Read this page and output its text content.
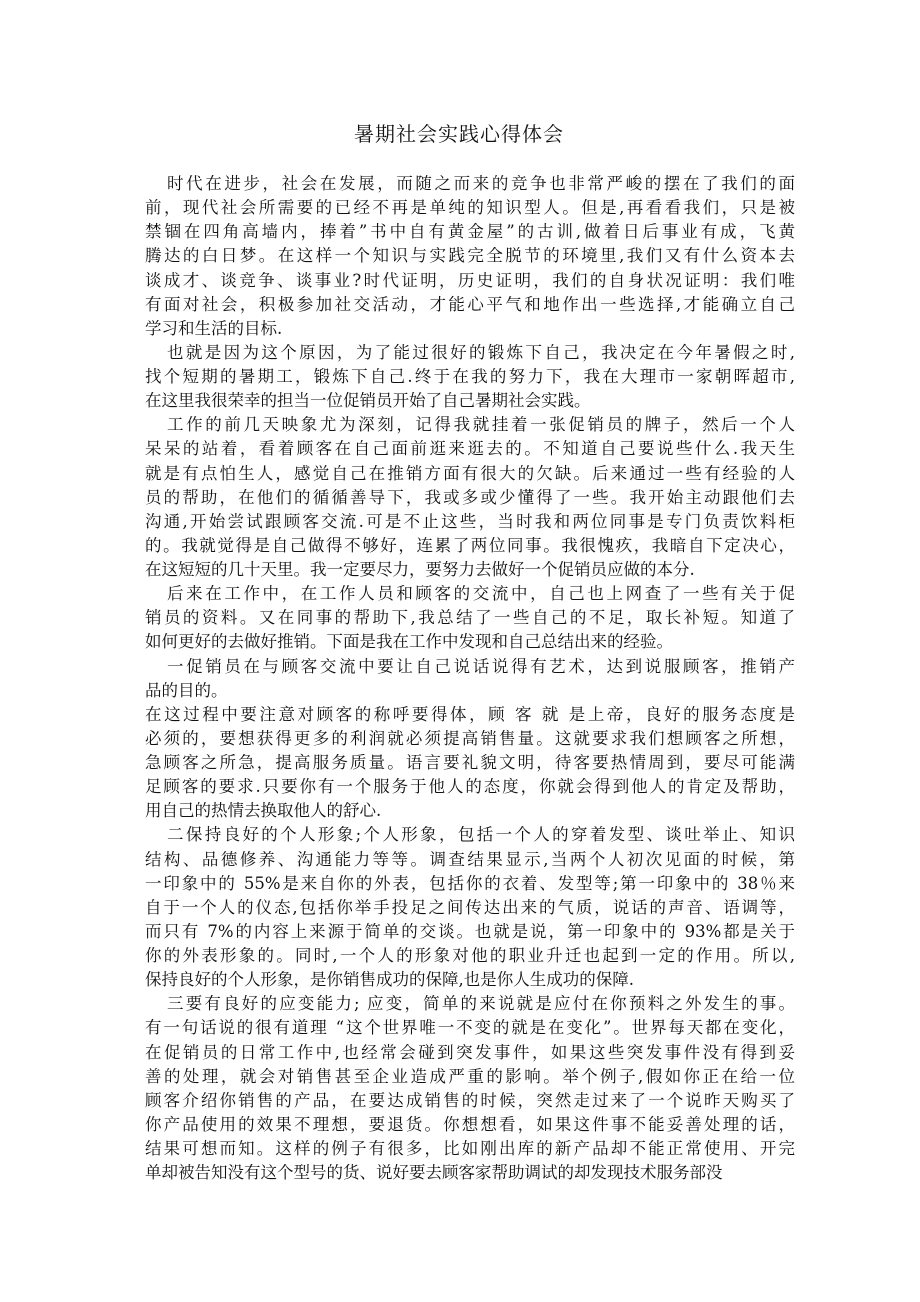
暑期社会实践心得体会
时代在进步，社会在发展，而随之而来的竞争也非常严峻的摆在了我们的面
前，现代社会所需要的已经不再是单纯的知识型人。但是,再看看我们，只是被
禁锢在四角高墙内，捧着”书中自有黄金屋”的古训,做着日后事业有成，飞黄
腾达的白日梦。在这样一个知识与实践完全脱节的环境里,我们又有什么资本去
谈成才、谈竞争、谈事业?时代证明，历史证明，我们的自身状况证明：我们唯
有面对社会，积极参加社交活动，才能心平气和地作出一些选择,才能确立自己
学习和生活的目标.
也就是因为这个原因，为了能过很好的锻炼下自己，我决定在今年暑假之时,
找个短期的暑期工，锻炼下自己.终于在我的努力下，我在大理市一家朝晖超市,
在这里我很荣幸的担当一位促销员开始了自己暑期社会实践。
工作的前几天映象尤为深刻，记得我就挂着一张促销员的牌子，然后一个人
呆呆的站着，看着顾客在自己面前逛来逛去的。不知道自己要说些什么.我天生
就是有点怕生人，感觉自己在推销方面有很大的欠缺。后来通过一些有经验的人
员的帮助，在他们的循循善导下，我或多或少懂得了一些。我开始主动跟他们去
沟通,开始尝试跟顾客交流.可是不止这些，当时我和两位同事是专门负责饮料柜
的。我就觉得是自己做得不够好，连累了两位同事。我很愧疚，我暗自下定决心，
在这短短的几十天里。我一定要尽力，要努力去做好一个促销员应做的本分.
后来在工作中，在工作人员和顾客的交流中，自己也上网查了一些有关于促
销员的资料。又在同事的帮助下,我总结了一些自己的不足，取长补短。知道了
如何更好的去做好推销。下面是我在工作中发现和自己总结出来的经验。
一促销员在与顾客交流中要让自己说话说得有艺术，达到说服顾客，推销产
品的目的。
在这过程中要注意对顾客的称呼要得体，顾 客 就 是上帝，良好的服务态度是
必须的，要想获得更多的利润就必须提高销售量。这就要求我们想顾客之所想，
急顾客之所急，提高服务质量。语言要礼貌文明，待客要热情周到，要尽可能满
足顾客的要求.只要你有一个服务于他人的态度，你就会得到他人的肯定及帮助，
用自己的热情去换取他人的舒心.
二保持良好的个人形象;个人形象，包括一个人的穿着发型、谈吐举止、知识
结构、品德修养、沟通能力等等。调查结果显示,当两个人初次见面的时候，第
一印象中的 55%是来自你的外表，包括你的衣着、发型等;第一印象中的 38％来
自于一个人的仪态,包括你举手投足之间传达出来的气质，说话的声音、语调等，
而只有 7%的内容上来源于简单的交谈。也就是说，第一印象中的 93%都是关于
你的外表形象的。同时,一个人的形象对他的职业升迁也起到一定的作用。所以,
保持良好的个人形象，是你销售成功的保障,也是你人生成功的保障.
三要有良好的应变能力; 应变，简单的来说就是应付在你预料之外发生的事。
有一句话说的很有道理 “这个世界唯一不变的就是在变化”。世界每天都在变化，
在促销员的日常工作中,也经常会碰到突发事件，如果这些突发事件没有得到妥
善的处理，就会对销售甚至企业造成严重的影响。举个例子,假如你正在给一位
顾客介绍你销售的产品，在要达成销售的时候，突然走过来了一个说昨天购买了
你产品使用的效果不理想，要退货。你想想看，如果这件事不能妥善处理的话，
结果可想而知。这样的例子有很多，比如刚出库的新产品却不能正常使用、开完
单却被告知没有这个型号的货、说好要去顾客家帮助调试的却发现技术服务部没
